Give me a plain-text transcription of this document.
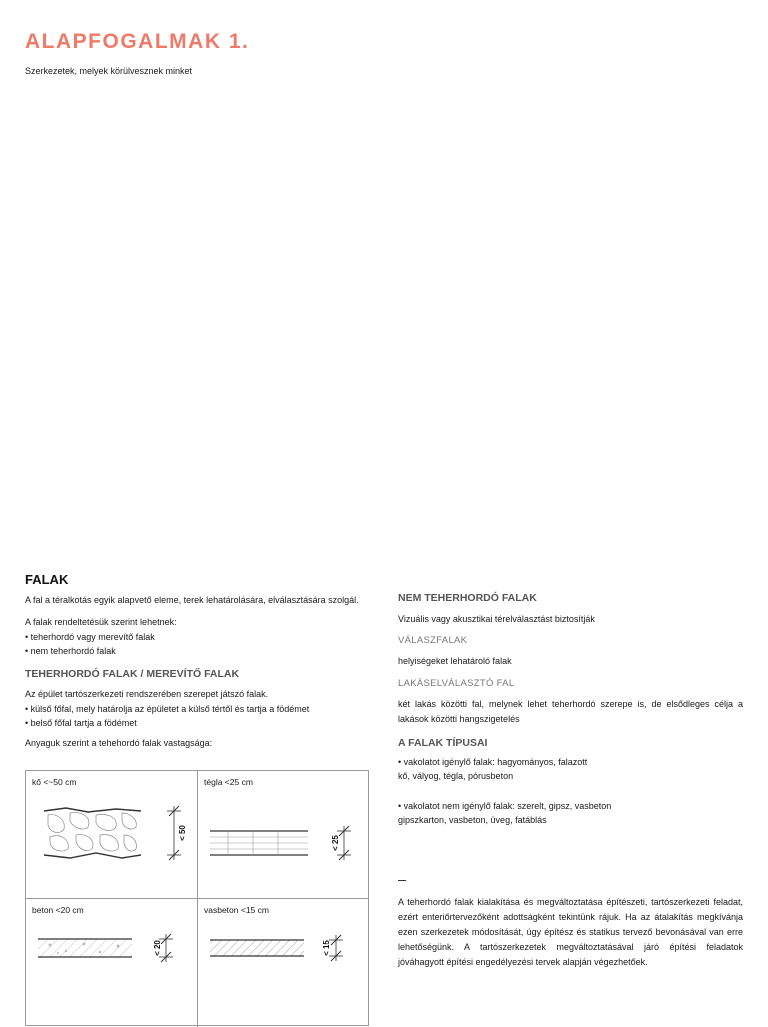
ALAPFOGALMAK 1.
Szerkezetek, melyek körülvesznek minket
FALAK

A fal a téralkotás egyik alapvető eleme, terek lehatárolására, elválasztására szolgál.

A falak rendeltetésük szerint lehetnek:

• teherhordó vagy merevítő falak
• nem teherhordó falak
TEHERHORDÓ FALAK / MEREVÍTŐ FALAK

Az épület tartószerkezeti rendszerében szerepet játszó falak.

• külső főfal, mely határolja az épületet a külső tértől és tartja a födémet
• belső főfal tartja a födémet

Anyaguk szerint a tehehordó falak vastagsága:

kő <~50 cm
< 50
tégla <25 cm
< 25
beton <20 cm
< 20
vasbeton <15 cm
< 15
NEM TEHERHORDÓ FALAK

Vizuális vagy akusztikai térelválasztást biztosítják

VÁLASZFALAK

helyiségeket lehatároló falak

LAKÁSELVÁLASZTÓ FAL

két lakás közötti fal, melynek lehet teherhordó szerepe is, de elsődleges célja a lakások közötti hangszigetelés

A FALAK TÍPUSAI
• vakolatot igénylő falak: hagyományos, falazott

kő, vályog, tégla, pórusbeton

• vakolatot nem igénylő falak: szerelt, gipsz, vasbeton

gipszkarton, vasbeton, üveg, fatáblás

A teherhordó falak kialakítása és megváltoztatása építészeti, tartószerkezeti feladat, ezért enteriőrtervezőként adottságként tekintünk rájuk. Ha az átalakítás megkívánja ezen szerkezetek módosítását, úgy építész és statikus tervező bevonásával van erre lehetőségünk. A tartószerkezetek megváltoztatásával járó építési feladatok jóváhagyott építési engedélyezési tervek alapján végezhetőek.
